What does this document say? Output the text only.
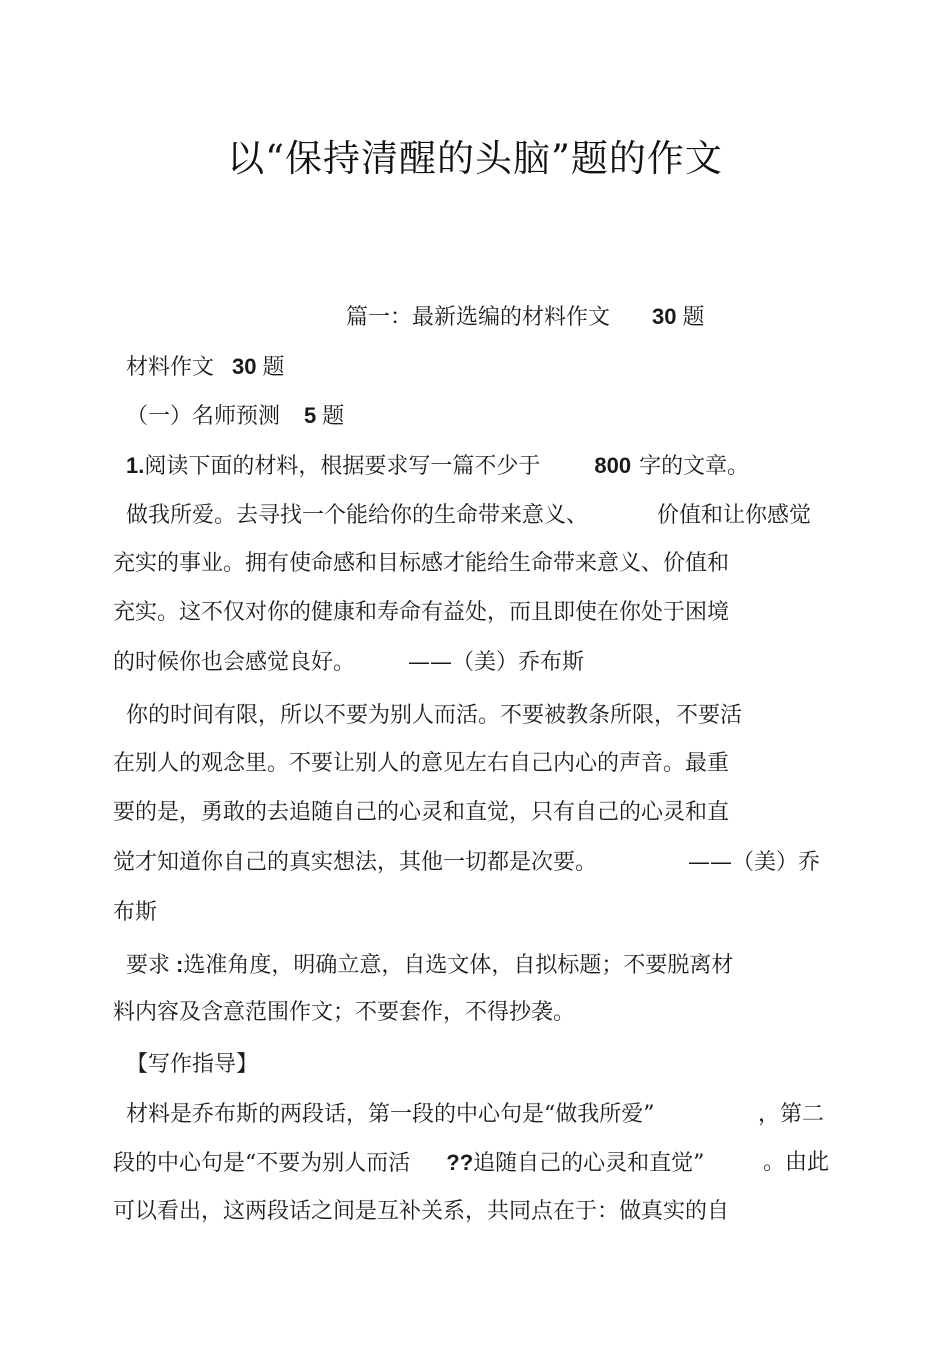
以“保持清醒的头脑”题的作文
篇一：最新选编的材料作文 30 题
材料作文 30 题
（一）名师预测 5 题
1.阅读下面的材料，根据要求写一篇不少于 800 字的文章。
做我所爱。去寻找一个能给你的生命带来意义、	价值和让你感觉
充实的事业。拥有使命感和目标感才能给生命带来意义、价值和
充实。这不仅对你的健康和寿命有益处，而且即使在你处于困境
的时候你也会感觉良好。 ——（美）乔布斯
你的时间有限，所以不要为别人而活。不要被教条所限，不要活
在别人的观念里。不要让别人的意见左右自己内心的声音。最重
要的是，勇敢的去追随自己的心灵和直觉，只有自己的心灵和直
觉才知道你自己的真实想法，其他一切都是次要。	——（美）乔
布斯
要求 :选准角度，明确立意，自选文体，自拟标题；不要脱离材
料内容及含意范围作文；不要套作，不得抄袭。
【写作指导】
材料是乔布斯的两段话，第一段的中心句是“做我所爱”	，第二
段的中心句是“不要为别人而活 ??追随自己的心灵和直觉”	。由此
可以看出，这两段话之间是互补关系，共同点在于：做真实的自
